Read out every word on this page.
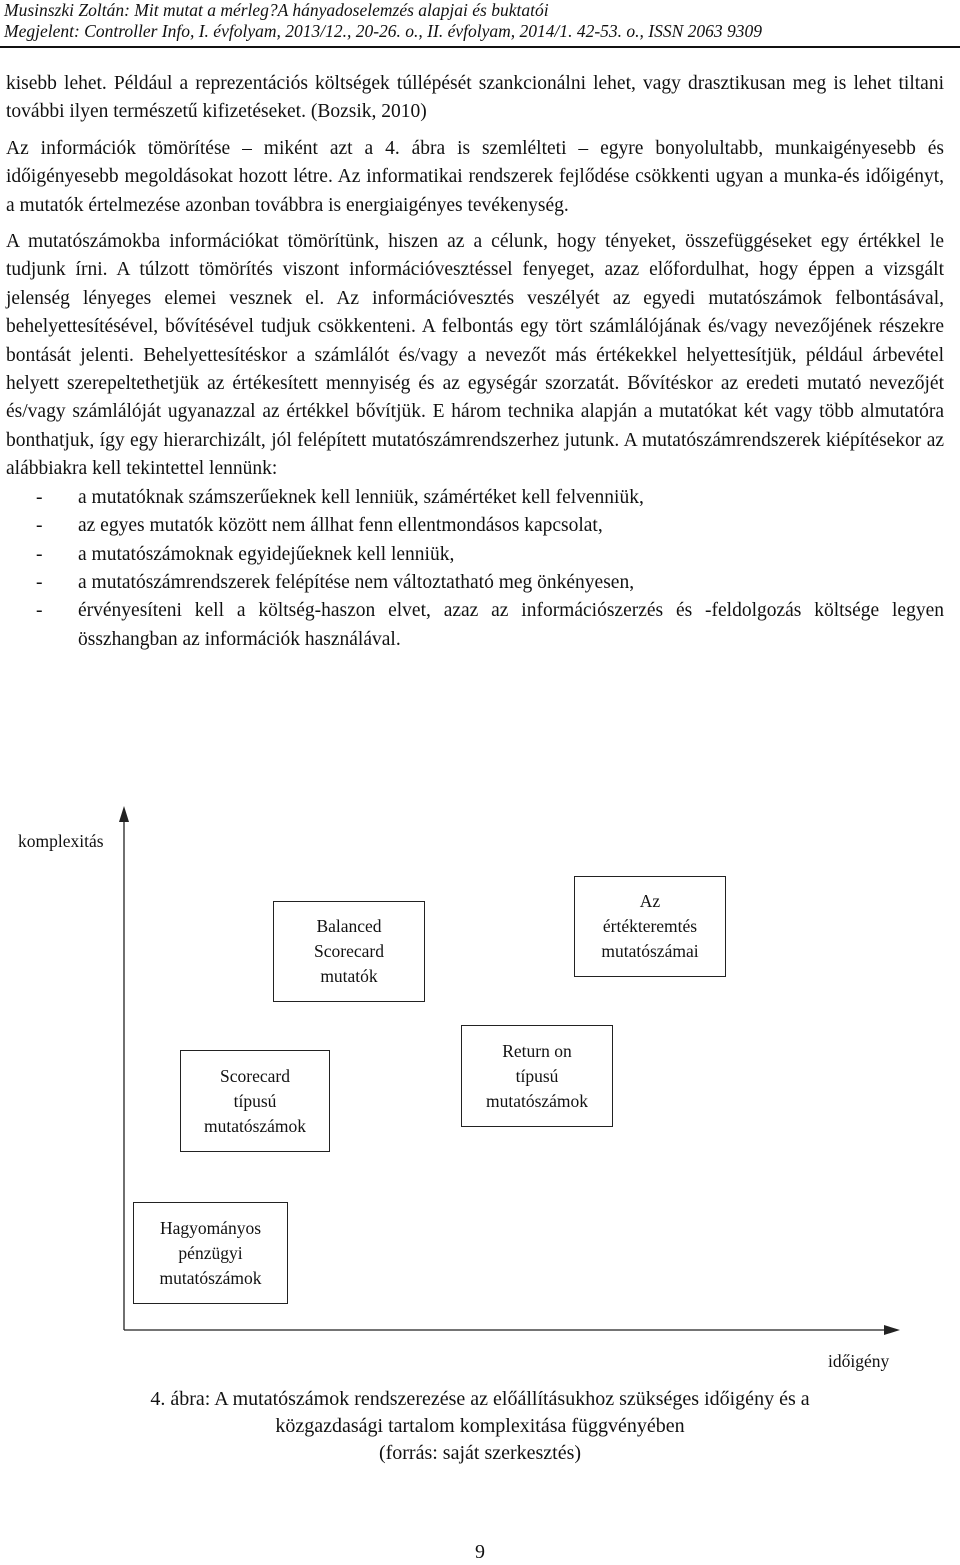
Musinszki Zoltán: Mit mutat a mérleg?A hányadoselemzés alapjai és buktatói
Megjelent: Controller Info, I. évfolyam, 2013/12., 20-26. o., II. évfolyam, 2014/1. 42-53. o., ISSN 2063 9309

kisebb lehet. Például a reprezentációs költségek túllépését szankcionálni lehet, vagy drasztikusan meg is lehet tiltani további ilyen természetű kifizetéseket. (Bozsik, 2010)

Az információk tömörítése – miként azt a 4. ábra is szemlélteti – egyre bonyolultabb, munkaigényesebb és időigényesebb megoldásokat hozott létre. Az informatikai rendszerek fejlődése csökkenti ugyan a munka-és időigényt, a mutatók értelmezése azonban továbbra is energiaigényes tevékenység.

A mutatószámokba információkat tömörítünk, hiszen az a célunk, hogy tényeket, összefüggéseket egy értékkel le tudjunk írni. A túlzott tömörítés viszont információvesztéssel fenyeget, azaz előfordulhat, hogy éppen a vizsgált jelenség lényeges elemei vesznek el. Az információvesztés veszélyét az egyedi mutatószámok felbontásával, behelyettesítésével, bővítésével tudjuk csökkenteni. A felbontás egy tört számlálójának és/vagy nevezőjének részekre bontását jelenti. Behelyettesítéskor a számlálót és/vagy a nevezőt más értékekkel helyettesítjük, például árbevétel helyett szerepeltethetjük az értékesített mennyiség és az egységár szorzatát. Bővítéskor az eredeti mutató nevezőjét és/vagy számlálóját ugyanazzal az értékkel bővítjük. E három technika alapján a mutatókat két vagy több almutatóra bonthatjuk, így egy hierarchizált, jól felépített mutatószámrendszerhez jutunk. A mutatószámrendszerek kiépítésekor az alábbiakra kell tekintettel lennünk:

- a mutatóknak számszerűeknek kell lenniük, számértéket kell felvenniük,
- az egyes mutatók között nem állhat fenn ellentmondásos kapcsolat,
- a mutatószámoknak egyidejűeknek kell lenniük,
- a mutatószámrendszerek felépítése nem változtatható meg önkényesen,
- érvényesíteni kell a költség-haszon elvet, azaz az információszerzés és -feldolgozás költsége legyen összhangban az információk használával.
komplexitás
időigény
Hagyományos
pénzügyi
mutatószámok
Scorecard
típusú
mutatószámok
Return on
típusú
mutatószámok
Balanced
Scorecard
mutatók
Az
értékteremtés
mutatószámai
4. ábra: A mutatószámok rendszerezése az előállításukhoz szükséges időigény és a
közgazdasági tartalom komplexitása függvényében
(forrás: saját szerkesztés)
9
